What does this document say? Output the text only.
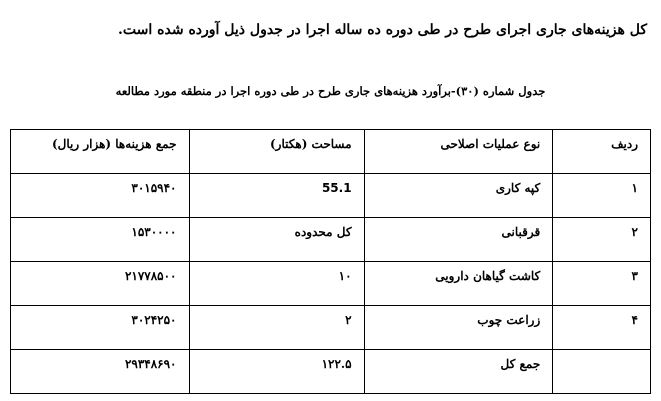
کل هزینه‌های جاری اجرای طرح در طی دوره ده ساله اجرا در جدول ذیل آورده شده است.
جدول شماره (۳۰)-برآورد هزینه‌های جاری طرح در طی دوره اجرا در منطقه مورد مطالعه
ردیف	نوع عملیات اصلاحی	مساحت (هکتار)	جمع هزینه‌ها (هزار ریال)
۱	کپه کاری	55.1	۳۰۱۵۹۴۰
۲	قرقبانی	کل محدوده	۱۵۳۰۰۰۰
۳	کاشت گیاهان دارویی	۱۰	۲۱۷۷۸۵۰۰
۴	زراعت چوب	۲	۳۰۲۴۲۵۰
	جمع کل	۱۲۲.۵	۲۹۳۴۸۶۹۰
